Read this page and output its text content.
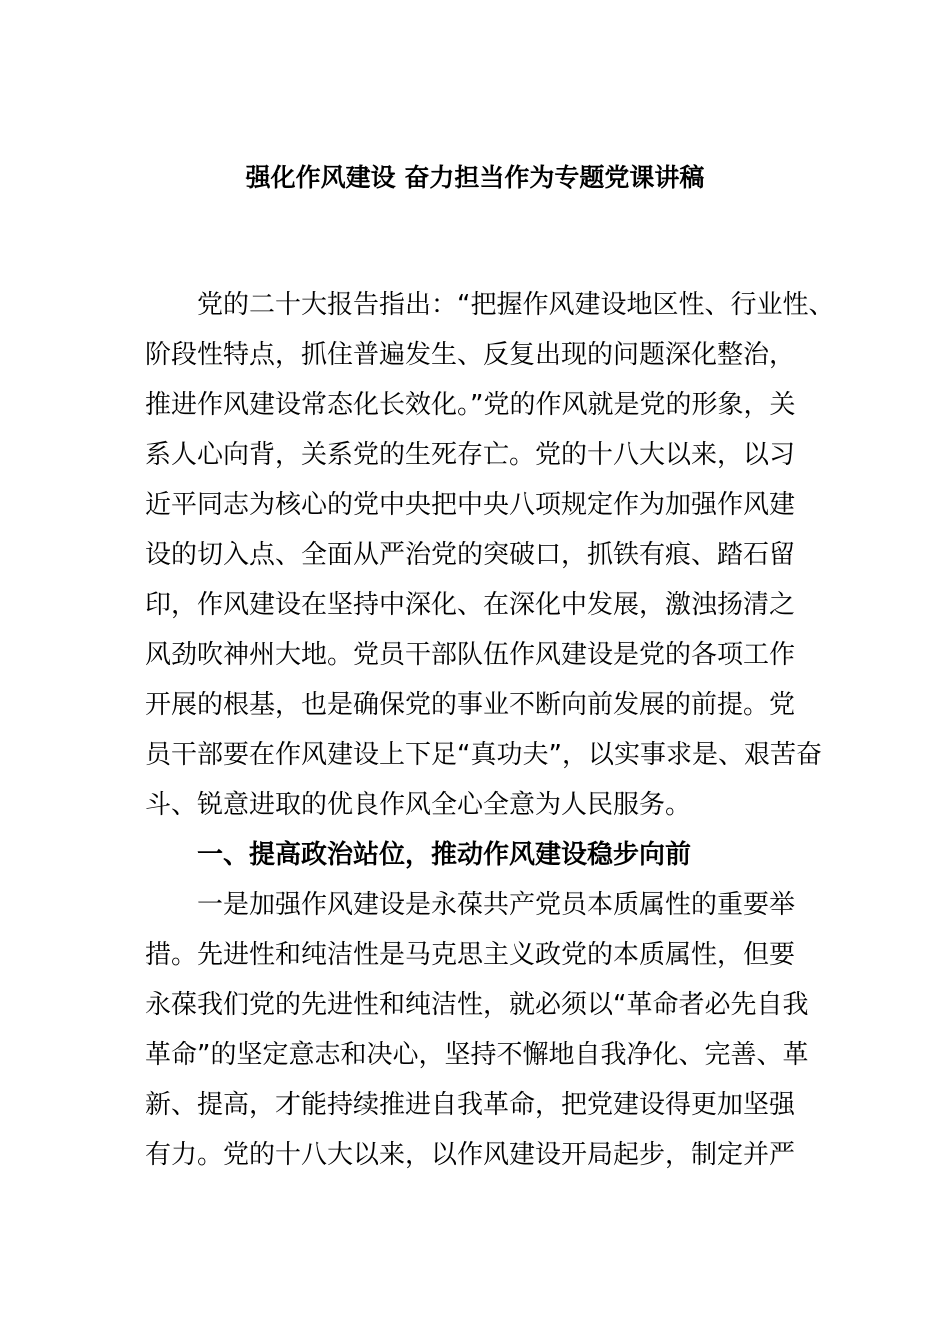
强化作风建设 奋力担当作为专题党课讲稿
党的二十大报告指出：“把握作风建设地区性、行业性、
阶段性特点，抓住普遍发生、反复出现的问题深化整治，
推进作风建设常态化长效化。”党的作风就是党的形象，关
系人心向背，关系党的生死存亡。党的十八大以来，以习
近平同志为核心的党中央把中央八项规定作为加强作风建
设的切入点、全面从严治党的突破口，抓铁有痕、踏石留
印，作风建设在坚持中深化、在深化中发展，激浊扬清之
风劲吹神州大地。党员干部队伍作风建设是党的各项工作
开展的根基，也是确保党的事业不断向前发展的前提。党
员干部要在作风建设上下足“真功夫”，以实事求是、艰苦奋
斗、锐意进取的优良作风全心全意为人民服务。
一、提高政治站位，推动作风建设稳步向前
一是加强作风建设是永葆共产党员本质属性的重要举
措。先进性和纯洁性是马克思主义政党的本质属性，但要
永葆我们党的先进性和纯洁性，就必须以“革命者必先自我
革命”的坚定意志和决心，坚持不懈地自我净化、完善、革
新、提高，才能持续推进自我革命，把党建设得更加坚强
有力。党的十八大以来，以作风建设开局起步，制定并严
